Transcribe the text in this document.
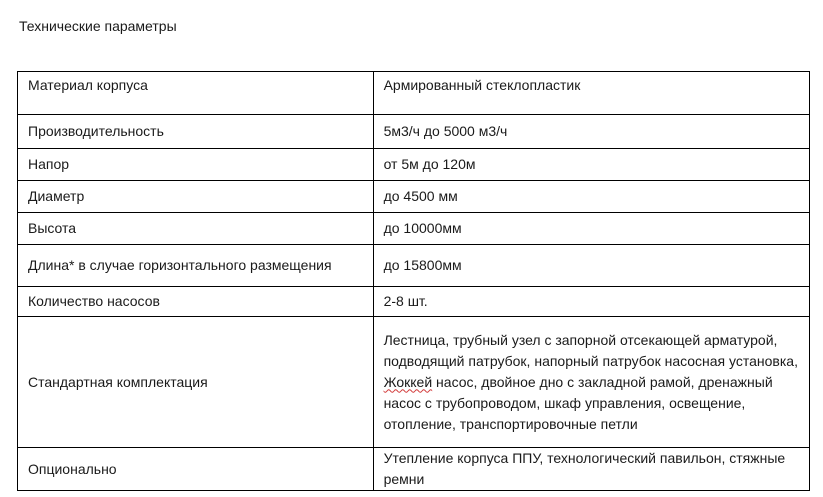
Технические параметры
Материал корпуса	Армированный стеклопластик

Производительность	5м3/ч до 5000 м3/ч

Напор	от 5м до 120м

Диаметр	до 4500 мм

Высота	до 10000мм

Длина* в случае горизонтального размещения	до 15800мм

Количество насосов	2-8 шт.

Стандартная комплектация	Лестница, трубный узел с запорной отсекающей арматурой, подводящий патрубок, напорный патрубок насосная установка, Жоккей насос, двойное дно с закладной рамой, дренажный насос с трубопроводом, шкаф управления, освещение, отопление, транспортировочные петли

Опционально	Утепление корпуса ППУ, технологический павильон, стяжные ремни
